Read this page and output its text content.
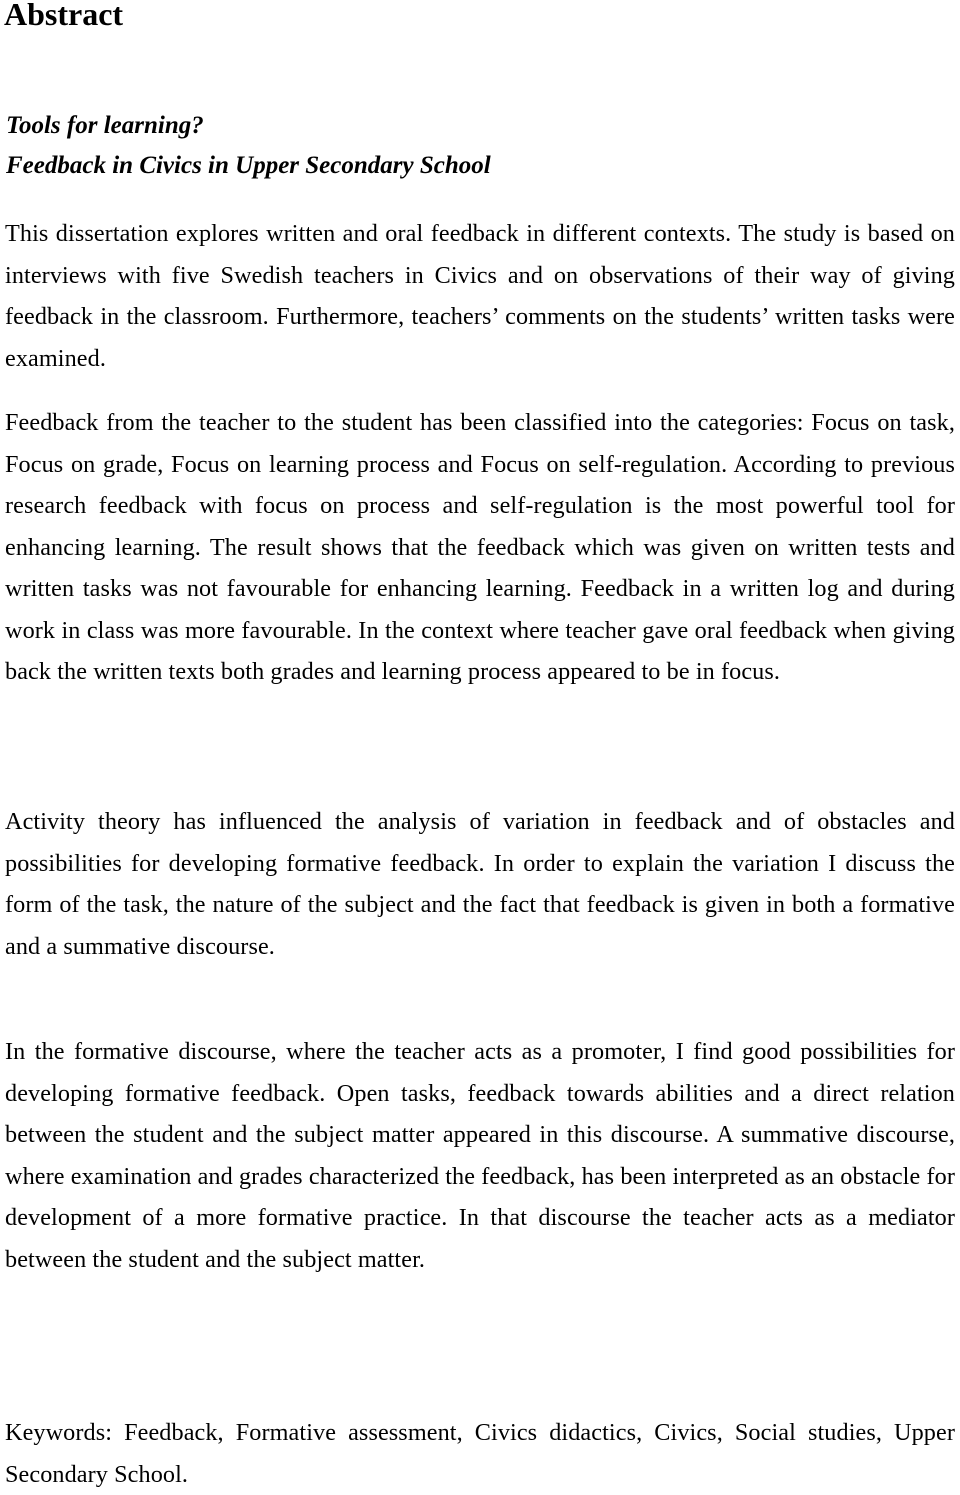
Abstract

Tools for learning?

Feedback in Civics in Upper Secondary School

This dissertation explores written and oral feedback in different contexts. The study is based on interviews with five Swedish teachers in Civics and on observations of their way of giving feedback in the classroom. Furthermore, teachers’ comments on the students’ written tasks were examined.

Feedback from the teacher to the student has been classified into the categories: Focus on task, Focus on grade, Focus on learning process and Focus on self-regulation. According to previous research feedback with focus on process and self-regulation is the most powerful tool for enhancing learning. The result shows that the feedback which was given on written tests and written tasks was not favourable for enhancing learning. Feedback in a written log and during work in class was more favourable. In the context where teacher gave oral feedback when giving back the written texts both grades and learning process appeared to be in focus.

Activity theory has influenced the analysis of variation in feedback and of obstacles and possibilities for developing formative feedback. In order to explain the variation I discuss the form of the task, the nature of the subject and the fact that feedback is given in both a formative and a summative discourse.

In the formative discourse, where the teacher acts as a promoter, I find good possibilities for developing formative feedback. Open tasks, feedback towards abilities and a direct relation between the student and the subject matter appeared in this discourse. A summative discourse, where examination and grades characterized the feedback, has been interpreted as an obstacle for development of a more formative practice. In that discourse the teacher acts as a mediator between the student and the subject matter.

Keywords: Feedback, Formative assessment, Civics didactics, Civics, Social studies, Upper Secondary School.
